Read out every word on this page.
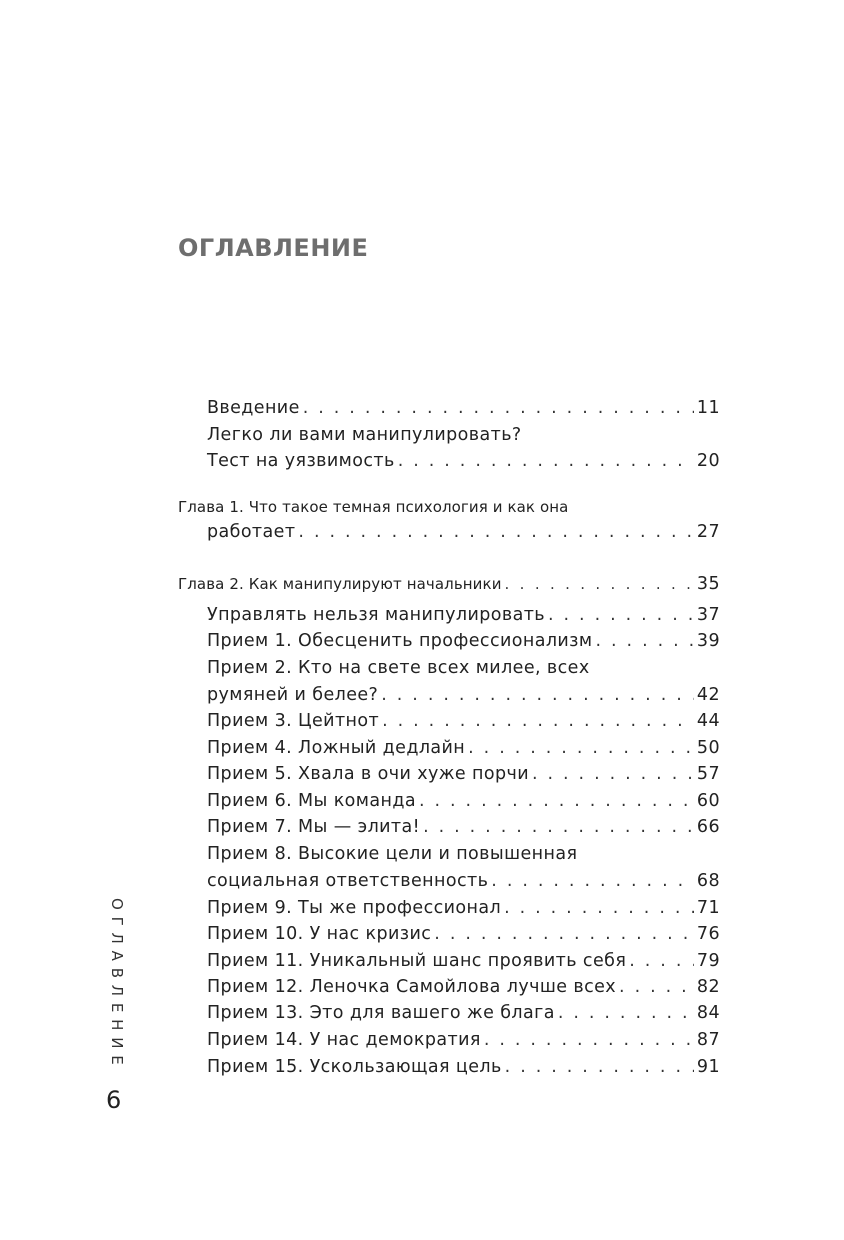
ОГЛАВЛЕНИЕ
Введение . . .	11
Легко ли вами манипулировать?
Тест на уязвимость . . .	20
Глава 1. Что такое темная психология и как она
работает . . .	27
Глава 2. Как манипулируют начальники . . .	35
Управлять нельзя манипулировать . . .	37
Прием 1. Обесценить профессионализм . . .	39
Прием 2. Кто на свете всех милее, всех
румяней и белее? . . .	42
Прием 3. Цейтнот . . .	44
Прием 4. Ложный дедлайн . . .	50
Прием 5. Хвала в очи хуже порчи . . .	57
Прием 6. Мы команда . . .	60
Прием 7. Мы — элита! . . .	66
Прием 8. Высокие цели и повышенная
социальная ответственность . . .	68
Прием 9. Ты же профессионал . . .	71
Прием 10. У нас кризис . . .	76
Прием 11. Уникальный шанс проявить себя . . .	79
Прием 12. Леночка Самойлова лучше всех . . .	82
Прием 13. Это для вашего же блага . . .	84
Прием 14. У нас демократия . . .	87
Прием 15. Ускользающая цель . . .	91
ОГЛАВЛЕНИЕ
6
